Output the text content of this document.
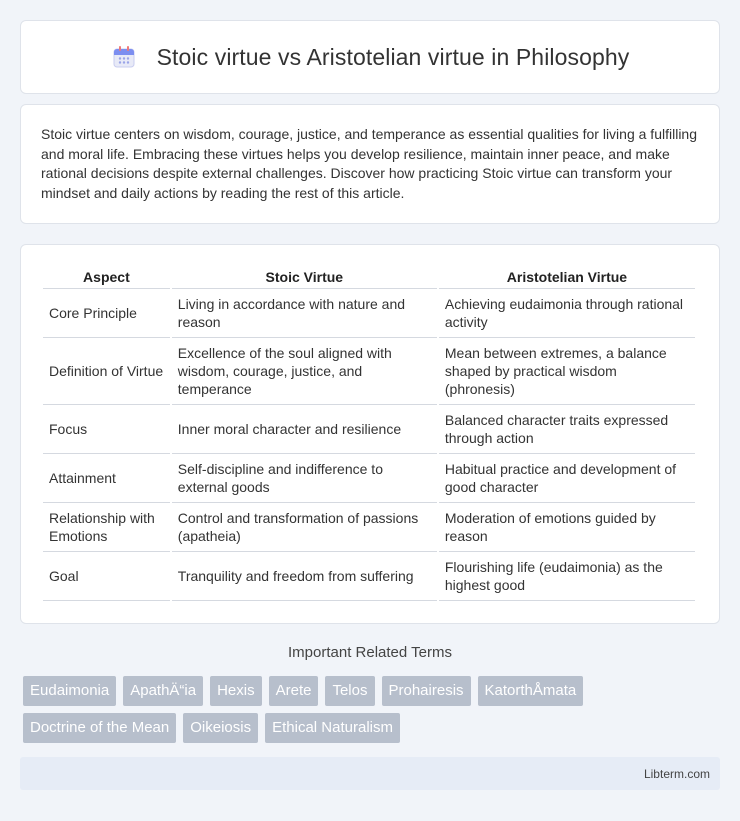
Stoic virtue vs Aristotelian virtue in Philosophy

Stoic virtue centers on wisdom, courage, justice, and temperance as essential qualities for living a fulfilling and moral life. Embracing these virtues helps you develop resilience, maintain inner peace, and make rational decisions despite external challenges. Discover how practicing Stoic virtue can transform your mindset and daily actions by reading the rest of this article.

Aspect	Stoic Virtue	Aristotelian Virtue
Core Principle	Living in accordance with nature and reason	Achieving eudaimonia through rational activity
Definition of Virtue	Excellence of the soul aligned with wisdom, courage, justice, and temperance	Mean between extremes, a balance shaped by practical wisdom (phronesis)
Focus	Inner moral character and resilience	Balanced character traits expressed through action
Attainment	Self-discipline and indifference to external goods	Habitual practice and development of good character
Relationship with Emotions	Control and transformation of passions (apatheia)	Moderation of emotions guided by reason
Goal	Tranquility and freedom from suffering	Flourishing life (eudaimonia) as the highest good
Important Related Terms
Eudaimonia	ApathÄ“ia	Hexis	Arete	Telos	Prohairesis	KatorthÅmata
Doctrine of the Mean	Oikeiosis	Ethical Naturalism
Libterm.com
